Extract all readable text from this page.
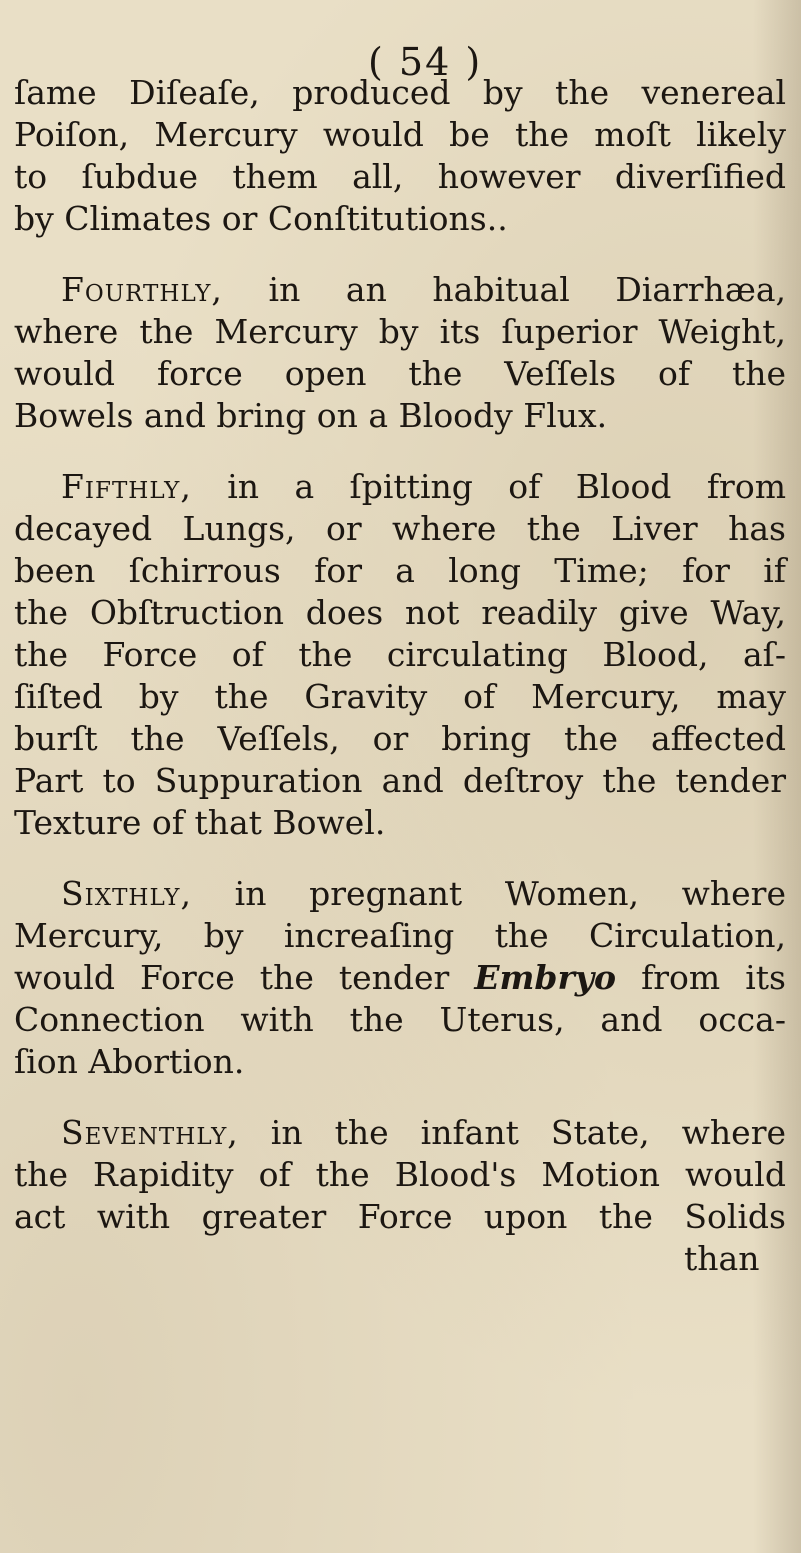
( 54 )
ſame Diſeaſe, produced by the venereal
Poiſon, Mercury would be the moſt likely
to ſubdue them all, however diverſified
by Climates or Conſtitutions..
Fourthly, in an habitual Diarrhæa,
where the Mercury by its ſuperior Weight,
would force open the Veſſels of the
Bowels and bring on a Bloody Flux.
Fifthly, in a ſpitting of Blood from
decayed Lungs, or where the Liver has
been ſchirrous for a long Time; for if
the Obſtruction does not readily give Way,
the Force of the circulating Blood, aſ-
ſiſted by the Gravity of Mercury, may
burſt the Veſſels, or bring the affected
Part to Suppuration and deſtroy the tender
Texture of that Bowel.
Sixthly, in pregnant Women, where
Mercury, by increaſing the Circulation,
would Force the tender Embryo from its
Connection with the Uterus, and occa-
ſion Abortion.
Seventhly, in the infant State, where
the Rapidity of the Blood's Motion would
act with greater Force upon the Solids
than
